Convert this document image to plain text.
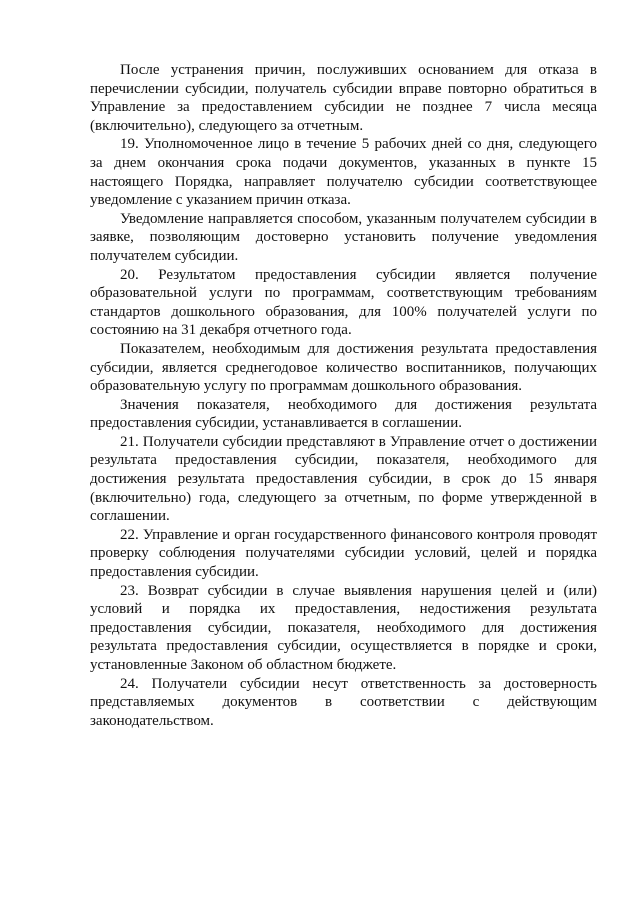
После устранения причин, послуживших основанием для отказа в перечислении субсидии, получатель субсидии вправе повторно обратиться в Управление за предоставлением субсидии не позднее 7 числа месяца (включительно), следующего за отчетным.

19. Уполномоченное лицо в течение 5 рабочих дней со дня, следующего за днем окончания срока подачи документов, указанных в пункте 15 настоящего Порядка, направляет получателю субсидии соответствующее уведомление с указанием причин отказа.

Уведомление направляется способом, указанным получателем субсидии в заявке, позволяющим достоверно установить получение уведомления получателем субсидии.

20. Результатом предоставления субсидии является получение образовательной услуги по программам, соответствующим требованиям стандартов дошкольного образования, для 100% получателей услуги по состоянию на 31 декабря отчетного года.

Показателем, необходимым для достижения результата предоставления субсидии, является среднегодовое количество воспитанников, получающих образовательную услугу по программам дошкольного образования.

Значения показателя, необходимого для достижения результата предоставления субсидии, устанавливается в соглашении.

21. Получатели субсидии представляют в Управление отчет о достижении результата предоставления субсидии, показателя, необходимого для достижения результата предоставления субсидии, в срок до 15 января (включительно) года, следующего за отчетным, по форме утвержденной в соглашении.

22. Управление и орган государственного финансового контроля проводят проверку соблюдения получателями субсидии условий, целей и порядка предоставления субсидии.

23. Возврат субсидии в случае выявления нарушения целей и (или) условий и порядка их предоставления, недостижения результата предоставления субсидии, показателя, необходимого для достижения результата предоставления субсидии, осуществляется в порядке и сроки, установленные Законом об областном бюджете.

24. Получатели субсидии несут ответственность за достоверность представляемых документов в соответствии с действующим законодательством.
